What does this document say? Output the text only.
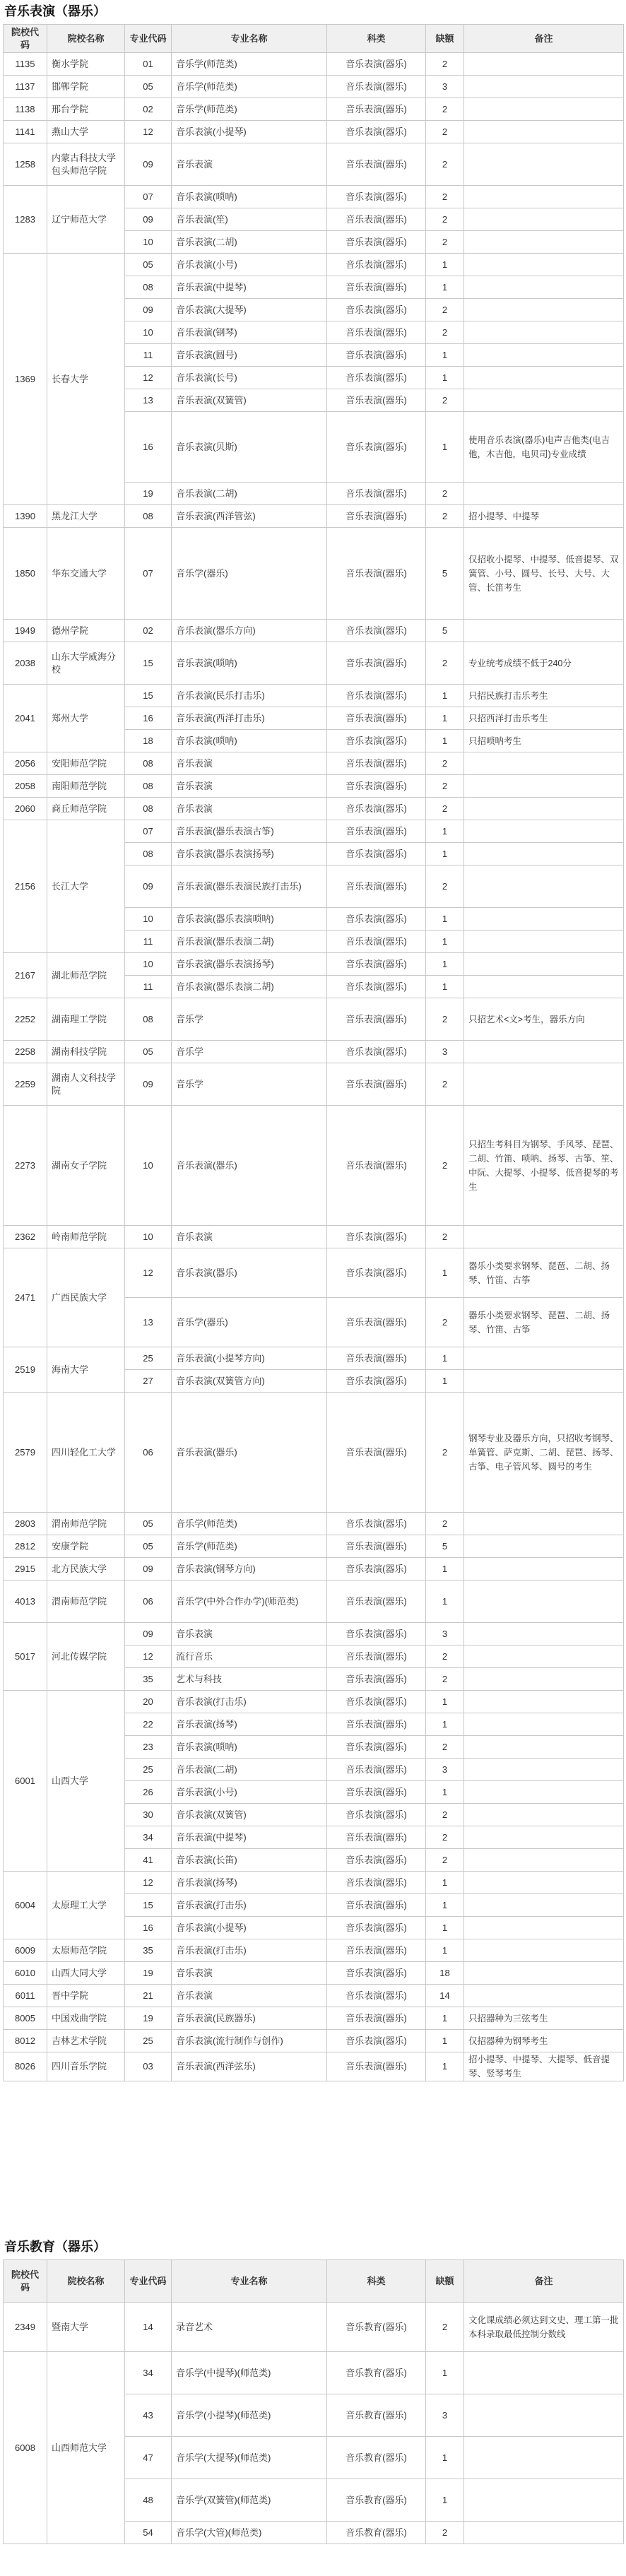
音乐表演（器乐）
院校代码	院校名称	专业代码	专业名称	科类	缺额	备注
1135	衡水学院	01	音乐学(师范类)	音乐表演(器乐)	2	
1137	邯郸学院	05	音乐学(师范类)	音乐表演(器乐)	3	
1138	邢台学院	02	音乐学(师范类)	音乐表演(器乐)	2	
1141	燕山大学	12	音乐表演(小提琴)	音乐表演(器乐)	2	
1258	内蒙古科技大学包头师范学院	09	音乐表演	音乐表演(器乐)	2	
1283	辽宁师范大学	07	音乐表演(唢呐)	音乐表演(器乐)	2	
		09	音乐表演(笙)	音乐表演(器乐)	2	
		10	音乐表演(二胡)	音乐表演(器乐)	2	
1369	长春大学	05	音乐表演(小号)	音乐表演(器乐)	1	
		08	音乐表演(中提琴)	音乐表演(器乐)	1	
		09	音乐表演(大提琴)	音乐表演(器乐)	2	
		10	音乐表演(钢琴)	音乐表演(器乐)	2	
		11	音乐表演(圆号)	音乐表演(器乐)	1	
		12	音乐表演(长号)	音乐表演(器乐)	1	
		13	音乐表演(双簧管)	音乐表演(器乐)	2	
		16	音乐表演(贝斯)	音乐表演(器乐)	1	使用音乐表演(器乐)电声吉他类(电吉他，木吉他，电贝司)专业成绩
		19	音乐表演(二胡)	音乐表演(器乐)	2	
1390	黑龙江大学	08	音乐表演(西洋管弦)	音乐表演(器乐)	2	招小提琴、中提琴
1850	华东交通大学	07	音乐学(器乐)	音乐表演(器乐)	5	仅招收小提琴、中提琴、低音提琴、双簧管、小号、圆号、长号、大号、大管、长笛考生
1949	德州学院	02	音乐表演(器乐方向)	音乐表演(器乐)	5	
2038	山东大学威海分校	15	音乐表演(唢呐)	音乐表演(器乐)	2	专业统考成绩不低于240分
2041	郑州大学	15	音乐表演(民乐打击乐)	音乐表演(器乐)	1	只招民族打击乐考生
		16	音乐表演(西洋打击乐)	音乐表演(器乐)	1	只招西洋打击乐考生
		18	音乐表演(唢呐)	音乐表演(器乐)	1	只招唢呐考生
2056	安阳师范学院	08	音乐表演	音乐表演(器乐)	2	
2058	南阳师范学院	08	音乐表演	音乐表演(器乐)	2	
2060	商丘师范学院	08	音乐表演	音乐表演(器乐)	2	
2156	长江大学	07	音乐表演(器乐表演古筝)	音乐表演(器乐)	1	
		08	音乐表演(器乐表演扬琴)	音乐表演(器乐)	1	
		09	音乐表演(器乐表演民族打击乐)	音乐表演(器乐)	2	
		10	音乐表演(器乐表演唢呐)	音乐表演(器乐)	1	
		11	音乐表演(器乐表演二胡)	音乐表演(器乐)	1	
2167	湖北师范学院	10	音乐表演(器乐表演扬琴)	音乐表演(器乐)	1	
		11	音乐表演(器乐表演二胡)	音乐表演(器乐)	1	
2252	湖南理工学院	08	音乐学	音乐表演(器乐)	2	只招艺术<文>考生，器乐方向
2258	湖南科技学院	05	音乐学	音乐表演(器乐)	3	
2259	湖南人文科技学院	09	音乐学	音乐表演(器乐)	2	
2273	湖南女子学院	10	音乐表演(器乐)	音乐表演(器乐)	2	只招生考科目为钢琴、手风琴、琵琶、二胡、竹笛、唢呐、扬琴、古筝、笙、中阮、大提琴、小提琴、低音提琴的考生
2362	岭南师范学院	10	音乐表演	音乐表演(器乐)	2	
2471	广西民族大学	12	音乐表演(器乐)	音乐表演(器乐)	1	器乐小类要求钢琴、琵琶、二胡、扬琴、竹笛、古筝
		13	音乐学(器乐)	音乐表演(器乐)	2	器乐小类要求钢琴、琵琶、二胡、扬琴、竹笛、古筝
2519	海南大学	25	音乐表演(小提琴方向)	音乐表演(器乐)	1	
		27	音乐表演(双簧管方向)	音乐表演(器乐)	1	
2579	四川轻化工大学	06	音乐表演(器乐)	音乐表演(器乐)	2	钢琴专业及器乐方向，只招收考钢琴、单簧管、萨克斯、二胡、琵琶、扬琴、古筝、电子管风琴、圆号的考生
2803	渭南师范学院	05	音乐学(师范类)	音乐表演(器乐)	2	
2812	安康学院	05	音乐学(师范类)	音乐表演(器乐)	5	
2915	北方民族大学	09	音乐表演(钢琴方向)	音乐表演(器乐)	1	
4013	渭南师范学院	06	音乐学(中外合作办学)(师范类)	音乐表演(器乐)	1	
5017	河北传媒学院	09	音乐表演	音乐表演(器乐)	3	
		12	流行音乐	音乐表演(器乐)	2	
		35	艺术与科技	音乐表演(器乐)	2	
6001	山西大学	20	音乐表演(打击乐)	音乐表演(器乐)	1	
		22	音乐表演(扬琴)	音乐表演(器乐)	1	
		23	音乐表演(唢呐)	音乐表演(器乐)	2	
		25	音乐表演(二胡)	音乐表演(器乐)	3	
		26	音乐表演(小号)	音乐表演(器乐)	1	
		30	音乐表演(双簧管)	音乐表演(器乐)	2	
		34	音乐表演(中提琴)	音乐表演(器乐)	2	
		41	音乐表演(长笛)	音乐表演(器乐)	2	
6004	太原理工大学	12	音乐表演(扬琴)	音乐表演(器乐)	1	
		15	音乐表演(打击乐)	音乐表演(器乐)	1	
		16	音乐表演(小提琴)	音乐表演(器乐)	1	
6009	太原师范学院	35	音乐表演(打击乐)	音乐表演(器乐)	1	
6010	山西大同大学	19	音乐表演	音乐表演(器乐)	18	
6011	晋中学院	21	音乐表演	音乐表演(器乐)	14	
8005	中国戏曲学院	19	音乐表演(民族器乐)	音乐表演(器乐)	1	只招器种为三弦考生
8012	吉林艺术学院	25	音乐表演(流行制作与创作)	音乐表演(器乐)	1	仅招器种为钢琴考生
8026	四川音乐学院	03	音乐表演(西洋弦乐)	音乐表演(器乐)	1	招小提琴、中提琴、大提琴、低音提琴、竖琴考生
音乐教育（器乐）
院校代码	院校名称	专业代码	专业名称	科类	缺额	备注
2349	暨南大学	14	录音艺术	音乐教育(器乐)	2	文化课成绩必须达到文史、理工第一批本科录取最低控制分数线
6008	山西师范大学	34	音乐学(中提琴)(师范类)	音乐教育(器乐)	1	
		43	音乐学(小提琴)(师范类)	音乐教育(器乐)	3	
		47	音乐学(大提琴)(师范类)	音乐教育(器乐)	1	
		48	音乐学(双簧管)(师范类)	音乐教育(器乐)	1	
		54	音乐学(大管)(师范类)	音乐教育(器乐)	2	
